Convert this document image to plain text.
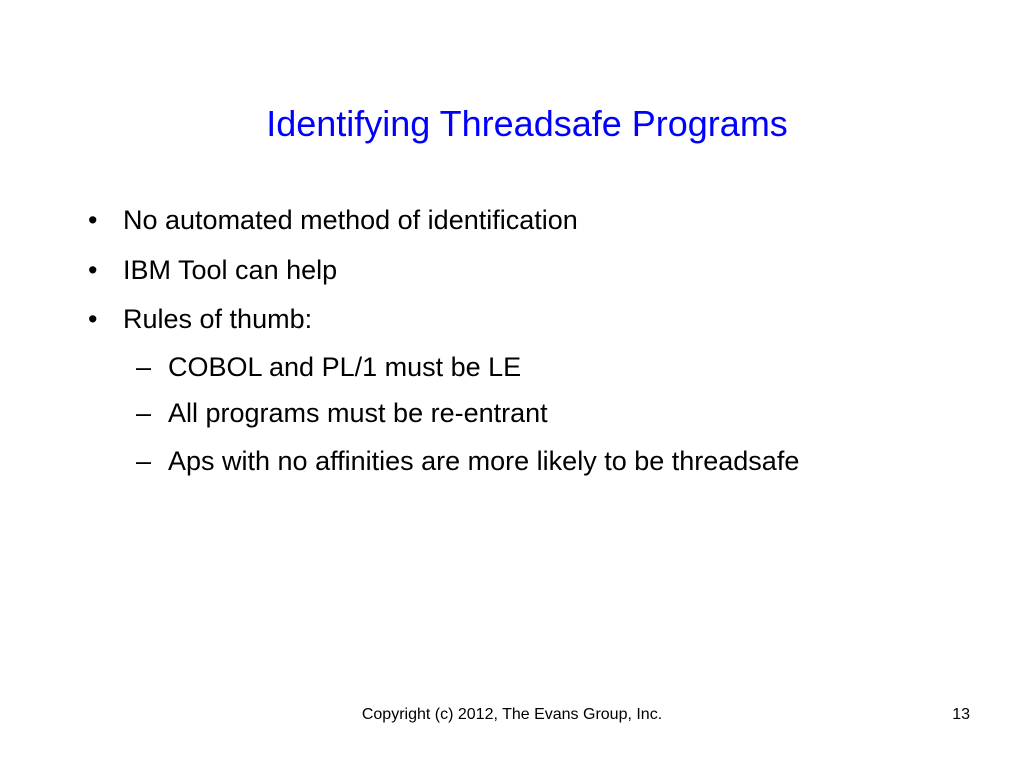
Identifying Threadsafe Programs
• No automated method of identification
• IBM Tool can help
• Rules of thumb:
– COBOL and PL/1 must be LE
– All programs must be re-entrant
– Aps with no affinities are more likely to be threadsafe
Copyright (c) 2012, The Evans Group, Inc.	13
